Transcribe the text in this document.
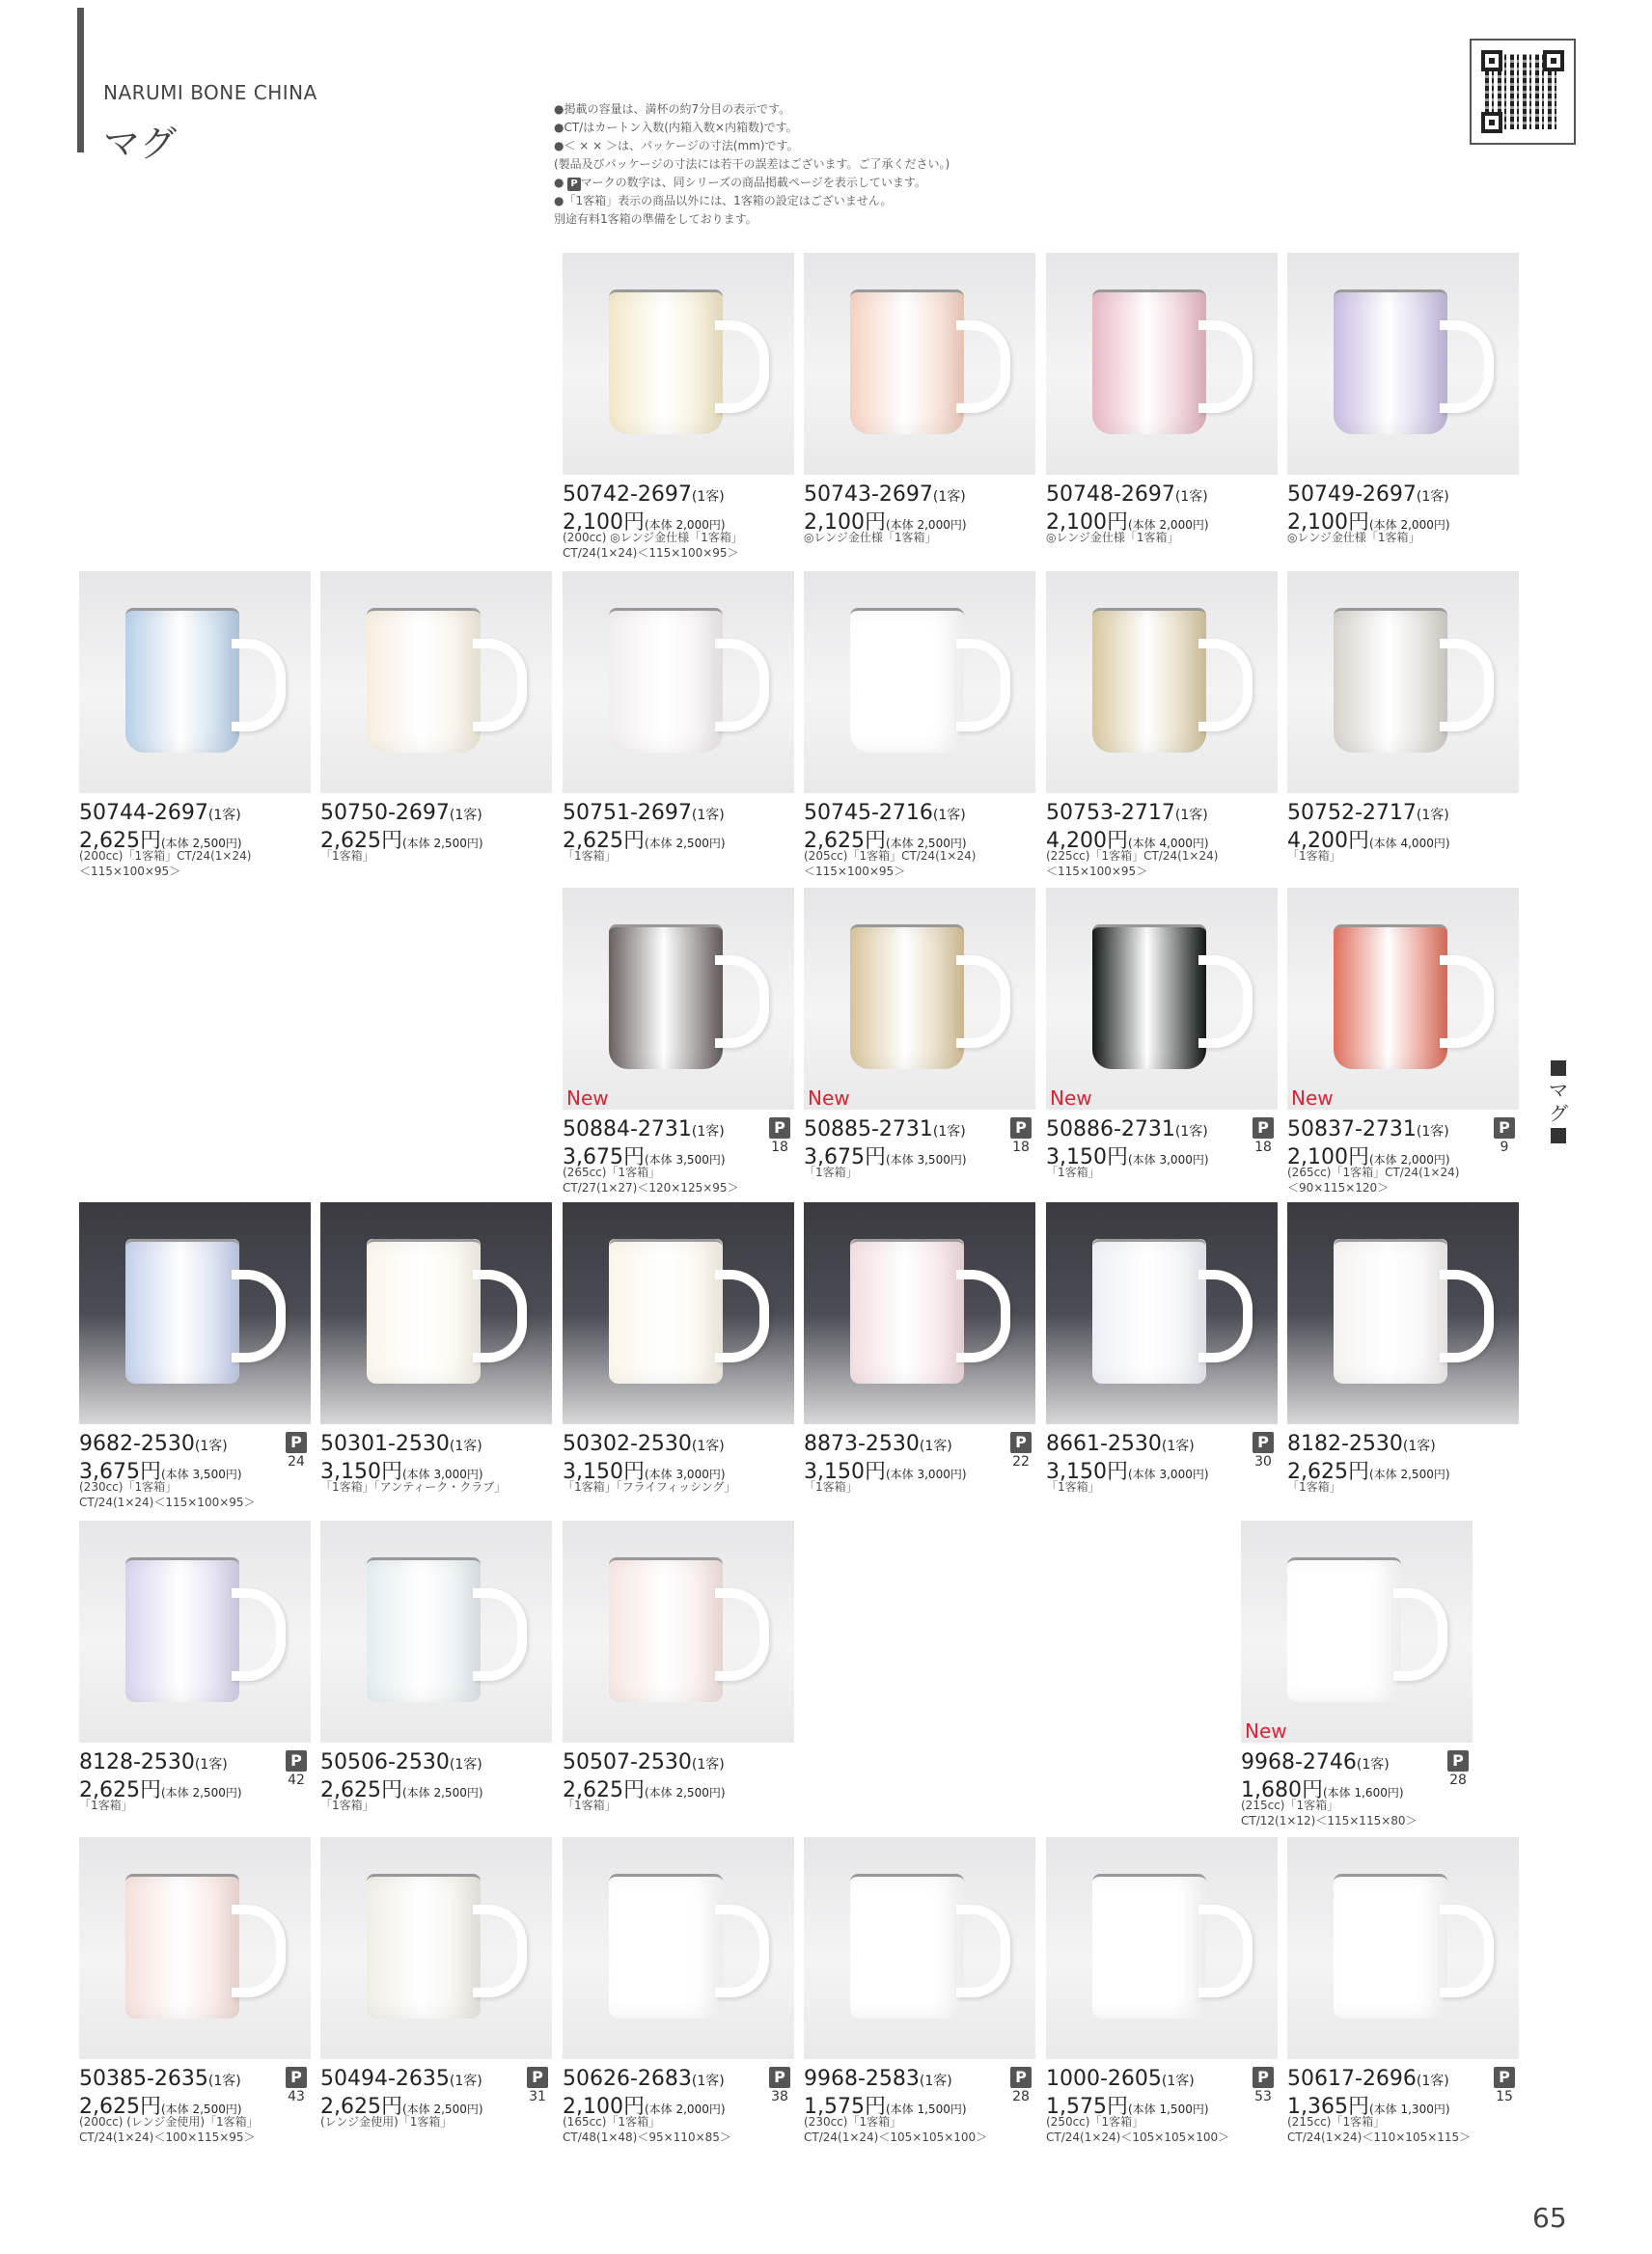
NARUMI BONE CHINA
マグ
●掲載の容量は、満杯の約7分目の表示です。
●CT/はカートン入数(内箱入数×内箱数)です。
●＜ × × ＞は、パッケージの寸法(mm)です。
(製品及びパッケージの寸法には若干の誤差はございます。ご了承ください。)
● P マークの数字は、同シリーズの商品掲載ページを表示しています。
●「1客箱」表示の商品以外には、1客箱の設定はございません。
別途有料1客箱の準備をしております。
マグ
50742-2697(1客)
2,100円(本体 2,000円)
(200cc) ◎レンジ金仕様「1客箱」
CT/24(1×24)＜115×100×95＞
50743-2697(1客)
2,100円(本体 2,000円)
◎レンジ金仕様「1客箱」
50748-2697(1客)
2,100円(本体 2,000円)
◎レンジ金仕様「1客箱」
50749-2697(1客)
2,100円(本体 2,000円)
◎レンジ金仕様「1客箱」
50744-2697(1客)
2,625円(本体 2,500円)
(200cc)「1客箱」CT/24(1×24)
＜115×100×95＞
50750-2697(1客)
2,625円(本体 2,500円)
「1客箱」
50751-2697(1客)
2,625円(本体 2,500円)
「1客箱」
50745-2716(1客)
2,625円(本体 2,500円)
(205cc)「1客箱」CT/24(1×24)
＜115×100×95＞
50753-2717(1客)
4,200円(本体 4,000円)
(225cc)「1客箱」CT/24(1×24)
＜115×100×95＞
50752-2717(1客)
4,200円(本体 4,000円)
「1客箱」
New
50884-2731(1客)
3,675円(本体 3,500円)
(265cc)「1客箱」
CT/27(1×27)＜120×125×95＞
P
18
New
50885-2731(1客)
3,675円(本体 3,500円)
「1客箱」
P
18
New
50886-2731(1客)
3,150円(本体 3,000円)
「1客箱」
P
18
New
50837-2731(1客)
2,100円(本体 2,000円)
(265cc)「1客箱」CT/24(1×24)
＜90×115×120＞
P
9
9682-2530(1客)
3,675円(本体 3,500円)
(230cc)「1客箱」
CT/24(1×24)＜115×100×95＞
P
24
50301-2530(1客)
3,150円(本体 3,000円)
「1客箱」「アンティーク・クラブ」
50302-2530(1客)
3,150円(本体 3,000円)
「1客箱」「フライフィッシング」
8873-2530(1客)
3,150円(本体 3,000円)
「1客箱」
P
22
8661-2530(1客)
3,150円(本体 3,000円)
「1客箱」
P
30
8182-2530(1客)
2,625円(本体 2,500円)
「1客箱」
8128-2530(1客)
2,625円(本体 2,500円)
「1客箱」
P
42
50506-2530(1客)
2,625円(本体 2,500円)
「1客箱」
50507-2530(1客)
2,625円(本体 2,500円)
「1客箱」
New
9968-2746(1客)
1,680円(本体 1,600円)
(215cc)「1客箱」
CT/12(1×12)＜115×115×80＞
P
28
50385-2635(1客)
2,625円(本体 2,500円)
(200cc) (レンジ金使用)「1客箱」
CT/24(1×24)＜100×115×95＞
P
43
50494-2635(1客)
2,625円(本体 2,500円)
(レンジ金使用)「1客箱」
P
31
50626-2683(1客)
2,100円(本体 2,000円)
(165cc)「1客箱」
CT/48(1×48)＜95×110×85＞
P
38
9968-2583(1客)
1,575円(本体 1,500円)
(230cc)「1客箱」
CT/24(1×24)＜105×105×100＞
P
28
1000-2605(1客)
1,575円(本体 1,500円)
(250cc)「1客箱」
CT/24(1×24)＜105×105×100＞
P
53
50617-2696(1客)
1,365円(本体 1,300円)
(215cc)「1客箱」
CT/24(1×24)＜110×105×115＞
P
15
65
